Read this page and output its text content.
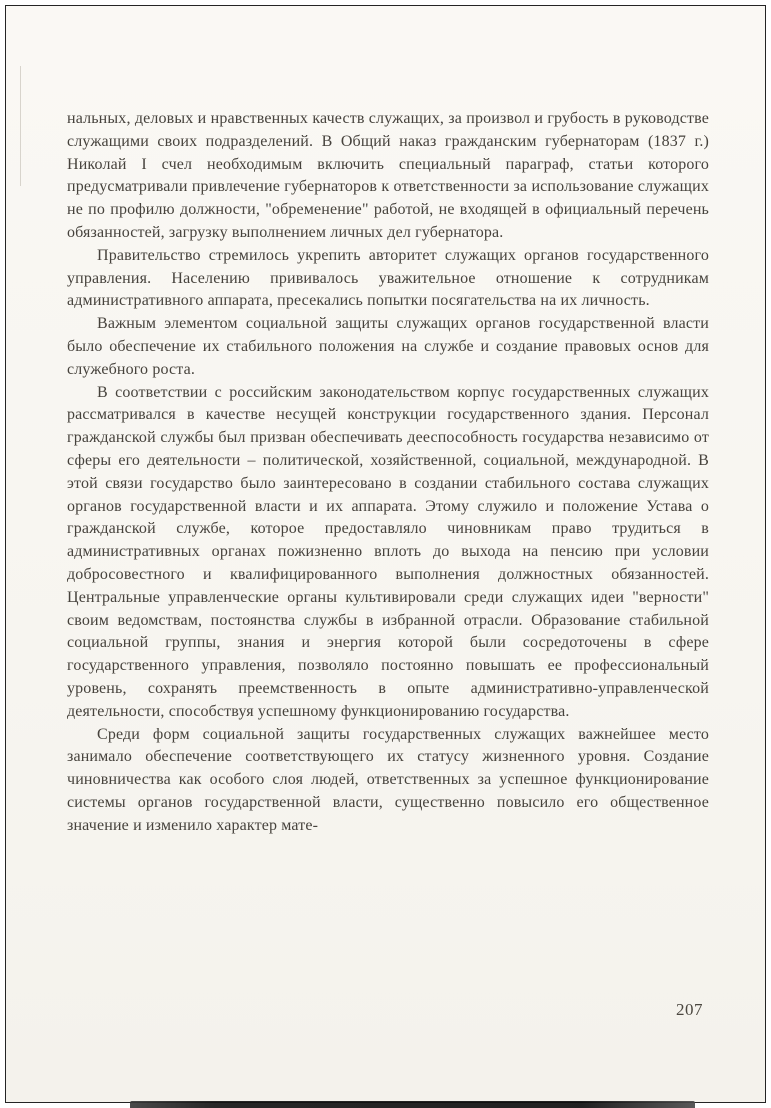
нальных, деловых и нравственных качеств служащих, за произвол и грубость в руководстве служащими своих подразделений. В Общий наказ гражданским губернаторам (1837 г.) Николай I счел необходимым включить специальный параграф, статьи которого предусматривали привлечение губернаторов к ответственности за использование служащих не по профилю должности, "обременение" работой, не входящей в официальный перечень обязанностей, загрузку выполнением личных дел губернатора.

Правительство стремилось укрепить авторитет служащих органов государственного управления. Населению прививалось уважительное отношение к сотрудникам административного аппарата, пресекались попытки посягательства на их личность.

Важным элементом социальной защиты служащих органов государственной власти было обеспечение их стабильного положения на службе и создание правовых основ для служебного роста.

В соответствии с российским законодательством корпус государственных служащих рассматривался в качестве несущей конструкции государственного здания. Персонал гражданской службы был призван обеспечивать дееспособность государства независимо от сферы его деятельности – политической, хозяйственной, социальной, международной. В этой связи государство было заинтересовано в создании стабильного состава служащих органов государственной власти и их аппарата. Этому служило и положение Устава о гражданской службе, которое предоставляло чиновникам право трудиться в административных органах пожизненно вплоть до выхода на пенсию при условии добросовестного и квалифицированного выполнения должностных обязанностей. Центральные управленческие органы культивировали среди служащих идеи "верности" своим ведомствам, постоянства службы в избранной отрасли. Образование стабильной социальной группы, знания и энергия которой были сосредоточены в сфере государственного управления, позволяло постоянно повышать ее профессиональный уровень, сохранять преемственность в опыте административно-управленческой деятельности, способствуя успешному функционированию государства.

Среди форм социальной защиты государственных служащих важнейшее место занимало обеспечение соответствующего их статусу жизненного уровня. Создание чиновничества как особого слоя людей, ответственных за успешное функционирование системы органов государственной власти, существенно повысило его общественное значение и изменило характер мате-

207
